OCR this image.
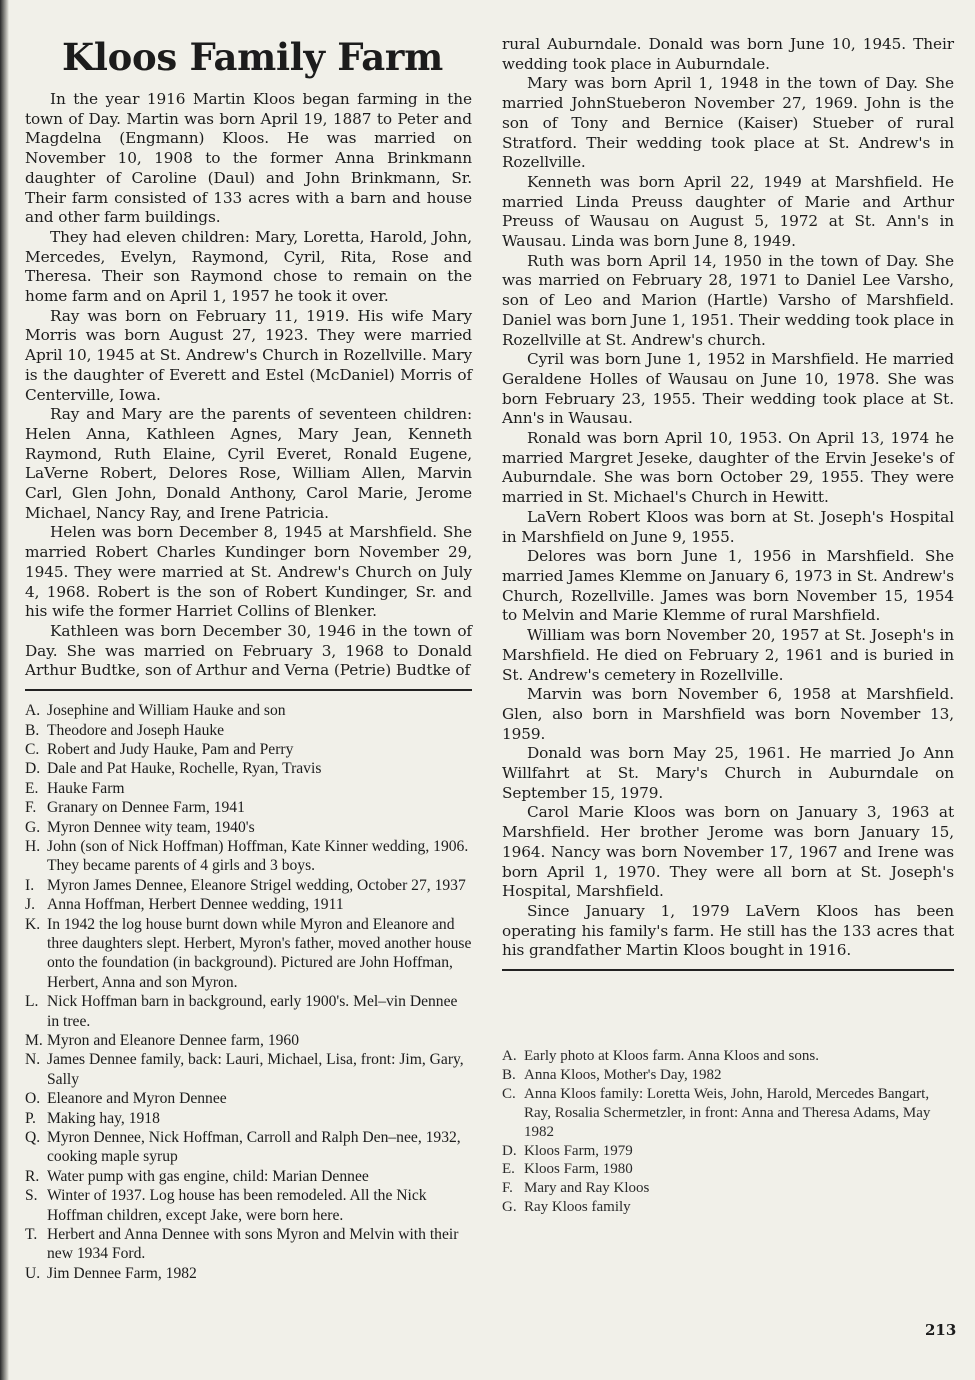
Kloos Family Farm

In the year 1916 Martin Kloos began farming in the town of Day. Martin was born April 19, 1887 to Peter and Magdelna (Engmann) Kloos. He was married on November 10, 1908 to the former Anna Brinkmann daughter of Caroline (Daul) and John Brinkmann, Sr. Their farm consisted of 133 acres with a barn and house and other farm buildings.

They had eleven children: Mary, Loretta, Harold, John, Mercedes, Evelyn, Raymond, Cyril, Rita, Rose and Theresa. Their son Raymond chose to remain on the home farm and on April 1, 1957 he took it over.

Ray was born on February 11, 1919. His wife Mary Morris was born August 27, 1923. They were married April 10, 1945 at St. Andrew's Church in Rozellville. Mary is the daughter of Everett and Estel (McDaniel) Morris of Centerville, Iowa.

Ray and Mary are the parents of seventeen children: Helen Anna, Kathleen Agnes, Mary Jean, Kenneth Raymond, Ruth Elaine, Cyril Everet, Ronald Eugene, LaVerne Robert, Delores Rose, William Allen, Marvin Carl, Glen John, Donald Anthony, Carol Marie, Jerome Michael, Nancy Ray, and Irene Patricia.

Helen was born December 8, 1945 at Marshfield. She married Robert Charles Kundinger born November 29, 1945. They were married at St. Andrew's Church on July 4, 1968. Robert is the son of Robert Kundinger, Sr. and his wife the former Harriet Collins of Blenker.

Kathleen was born December 30, 1946 in the town of Day. She was married on February 3, 1968 to Donald Arthur Budtke, son of Arthur and Verna (Petrie) Budtke of

A. Josephine and William Hauke and son
B. Theodore and Joseph Hauke
C. Robert and Judy Hauke, Pam and Perry
D. Dale and Pat Hauke, Rochelle, Ryan, Travis
E. Hauke Farm
F. Granary on Dennee Farm, 1941
G. Myron Dennee wity team, 1940's
H. John (son of Nick Hoffman) Hoffman, Kate Kinner wedding, 1906. They became parents of 4 girls and 3 boys.
I. Myron James Dennee, Eleanore Strigel wedding, October 27, 1937
J. Anna Hoffman, Herbert Dennee wedding, 1911
K. In 1942 the log house burnt down while Myron and Eleanore and three daughters slept. Herbert, Myron's father, moved another house onto the foundation (in background). Pictured are John Hoffman, Herbert, Anna and son Myron.
L. Nick Hoffman barn in background, early 1900's. Mel–vin Dennee in tree.
M. Myron and Eleanore Dennee farm, 1960
N. James Dennee family, back: Lauri, Michael, Lisa, front: Jim, Gary, Sally
O. Eleanore and Myron Dennee
P. Making hay, 1918
Q. Myron Dennee, Nick Hoffman, Carroll and Ralph Den–nee, 1932, cooking maple syrup
R. Water pump with gas engine, child: Marian Dennee
S. Winter of 1937. Log house has been remodeled. All the Nick Hoffman children, except Jake, were born here.
T. Herbert and Anna Dennee with sons Myron and Melvin with their new 1934 Ford.
U. Jim Dennee Farm, 1982

rural Auburndale. Donald was born June 10, 1945. Their wedding took place in Auburndale.

Mary was born April 1, 1948 in the town of Day. She married JohnStueberon November 27, 1969. John is the son of Tony and Bernice (Kaiser) Stueber of rural Stratford. Their wedding took place at St. Andrew's in Rozellville.

Kenneth was born April 22, 1949 at Marshfield. He married Linda Preuss daughter of Marie and Arthur Preuss of Wausau on August 5, 1972 at St. Ann's in Wausau. Linda was born June 8, 1949.

Ruth was born April 14, 1950 in the town of Day. She was married on February 28, 1971 to Daniel Lee Varsho, son of Leo and Marion (Hartle) Varsho of Marshfield. Daniel was born June 1, 1951. Their wedding took place in Rozellville at St. Andrew's church.

Cyril was born June 1, 1952 in Marshfield. He married Geraldene Holles of Wausau on June 10, 1978. She was born February 23, 1955. Their wedding took place at St. Ann's in Wausau.

Ronald was born April 10, 1953. On April 13, 1974 he married Margret Jeseke, daughter of the Ervin Jeseke's of Auburndale. She was born October 29, 1955. They were married in St. Michael's Church in Hewitt.

LaVern Robert Kloos was born at St. Joseph's Hospital in Marshfield on June 9, 1955.

Delores was born June 1, 1956 in Marshfield. She married James Klemme on January 6, 1973 in St. Andrew's Church, Rozellville. James was born November 15, 1954 to Melvin and Marie Klemme of rural Marshfield.

William was born November 20, 1957 at St. Joseph's in Marshfield. He died on February 2, 1961 and is buried in St. Andrew's cemetery in Rozellville.

Marvin was born November 6, 1958 at Marshfield. Glen, also born in Marshfield was born November 13, 1959.

Donald was born May 25, 1961. He married Jo Ann Willfahrt at St. Mary's Church in Auburndale on September 15, 1979.

Carol Marie Kloos was born on January 3, 1963 at Marshfield. Her brother Jerome was born January 15, 1964. Nancy was born November 17, 1967 and Irene was born April 1, 1970. They were all born at St. Joseph's Hospital, Marshfield.

Since January 1, 1979 LaVern Kloos has been operating his family's farm. He still has the 133 acres that his grandfather Martin Kloos bought in 1916.

A. Early photo at Kloos farm. Anna Kloos and sons.
B. Anna Kloos, Mother's Day, 1982
C. Anna Kloos family: Loretta Weis, John, Harold, Mercedes Bangart, Ray, Rosalia Schermetzler, in front: Anna and Theresa Adams, May 1982
D. Kloos Farm, 1979
E. Kloos Farm, 1980
F. Mary and Ray Kloos
G. Ray Kloos family
213
